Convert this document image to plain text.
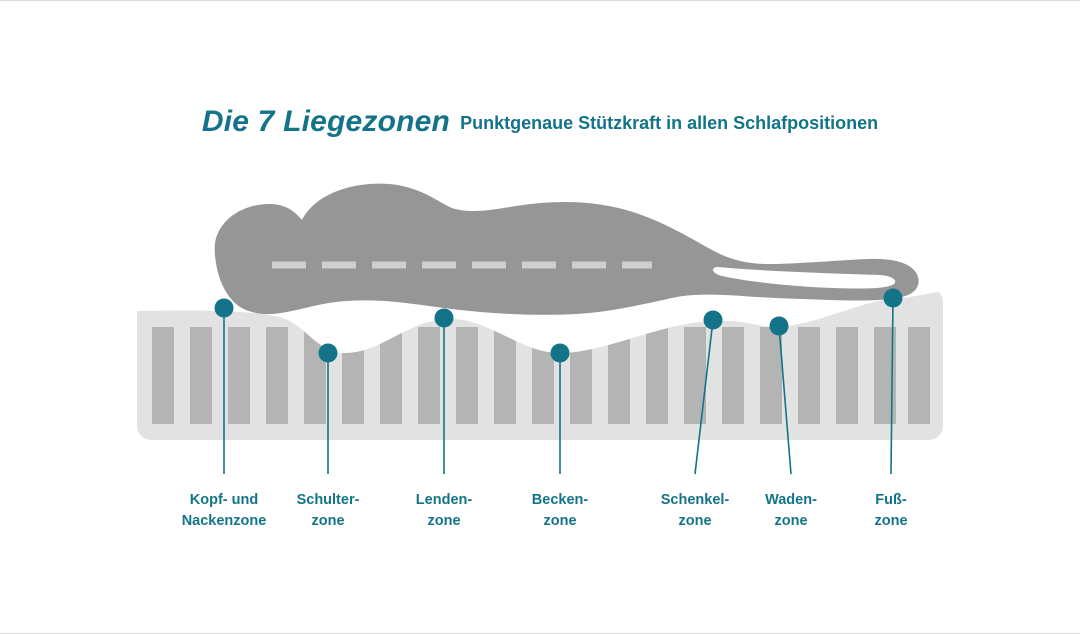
Die 7 Liegezonen Punktgenaue Stützkraft in allen Schlafpositionen
Kopf- und
Nackenzone
Schulter-
zone
Lenden-
zone
Becken-
zone
Schenkel-
zone
Waden-
zone
Fuß-
zone
